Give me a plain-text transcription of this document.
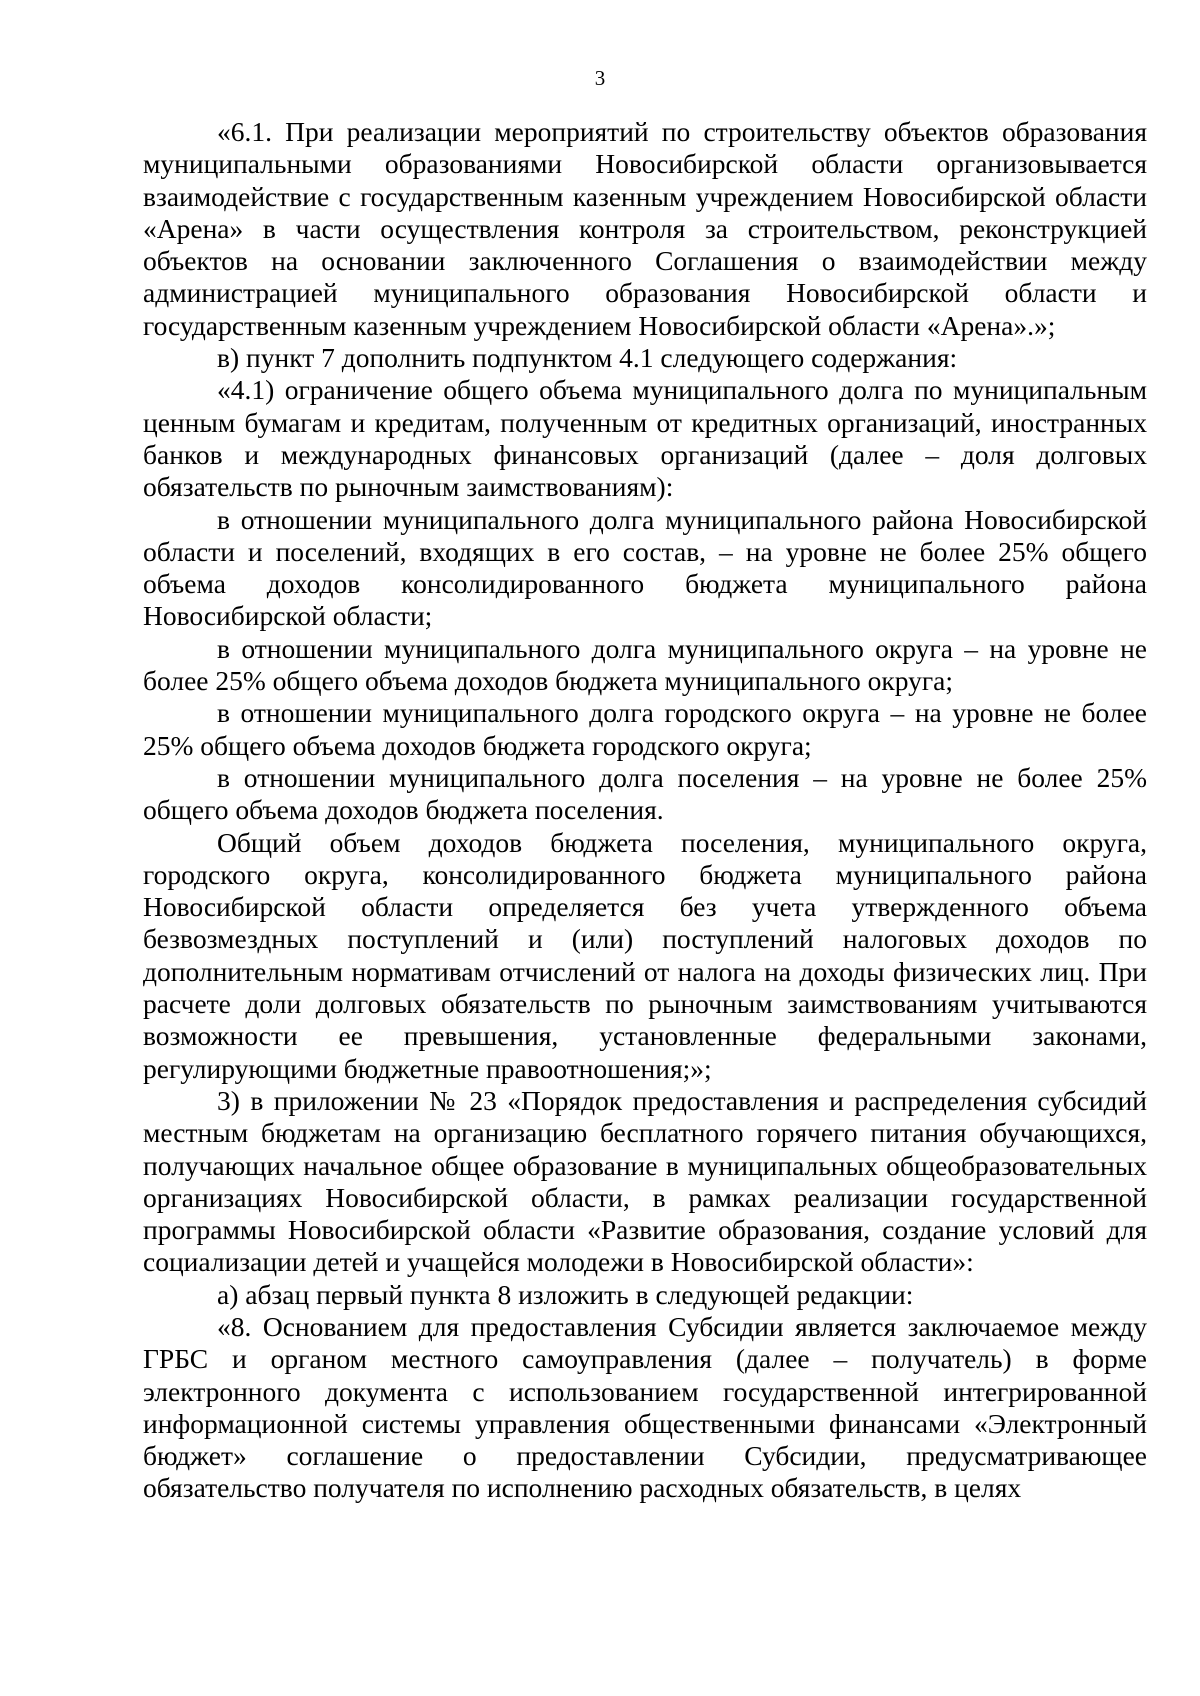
3

«6.1. При реализации мероприятий по строительству объектов образования муниципальными образованиями Новосибирской области организовывается взаимодействие с государственным казенным учреждением Новосибирской области «Арена» в части осуществления контроля за строительством, реконструкцией объектов на основании заключенного Соглашения о взаимодействии между администрацией муниципального образования Новосибирской области и государственным казенным учреждением Новосибирской области «Арена».»;

в) пункт 7 дополнить подпунктом 4.1 следующего содержания:

«4.1) ограничение общего объема муниципального долга по муниципальным ценным бумагам и кредитам, полученным от кредитных организаций, иностранных банков и международных финансовых организаций (далее – доля долговых обязательств по рыночным заимствованиям):

в отношении муниципального долга муниципального района Новосибирской области и поселений, входящих в его состав, – на уровне не более 25% общего объема доходов консолидированного бюджета муниципального района Новосибирской области;

в отношении муниципального долга муниципального округа – на уровне не более 25% общего объема доходов бюджета муниципального округа;

в отношении муниципального долга городского округа – на уровне не более 25% общего объема доходов бюджета городского округа;

в отношении муниципального долга поселения – на уровне не более 25% общего объема доходов бюджета поселения.

Общий объем доходов бюджета поселения, муниципального округа, городского округа, консолидированного бюджета муниципального района Новосибирской области определяется без учета утвержденного объема безвозмездных поступлений и (или) поступлений налоговых доходов по дополнительным нормативам отчислений от налога на доходы физических лиц. При расчете доли долговых обязательств по рыночным заимствованиям учитываются возможности ее превышения, установленные федеральными законами, регулирующими бюджетные правоотношения;»;

3) в приложении № 23 «Порядок предоставления и распределения субсидий местным бюджетам на организацию бесплатного горячего питания обучающихся, получающих начальное общее образование в муниципальных общеобразовательных организациях Новосибирской области, в рамках реализации государственной программы Новосибирской области «Развитие образования, создание условий для социализации детей и учащейся молодежи в Новосибирской области»:

а) абзац первый пункта 8 изложить в следующей редакции:

«8. Основанием для предоставления Субсидии является заключаемое между ГРБС и органом местного самоуправления (далее – получатель) в форме электронного документа с использованием государственной интегрированной информационной системы управления общественными финансами «Электронный бюджет» соглашение о предоставлении Субсидии, предусматривающее обязательство получателя по исполнению расходных обязательств, в целях
